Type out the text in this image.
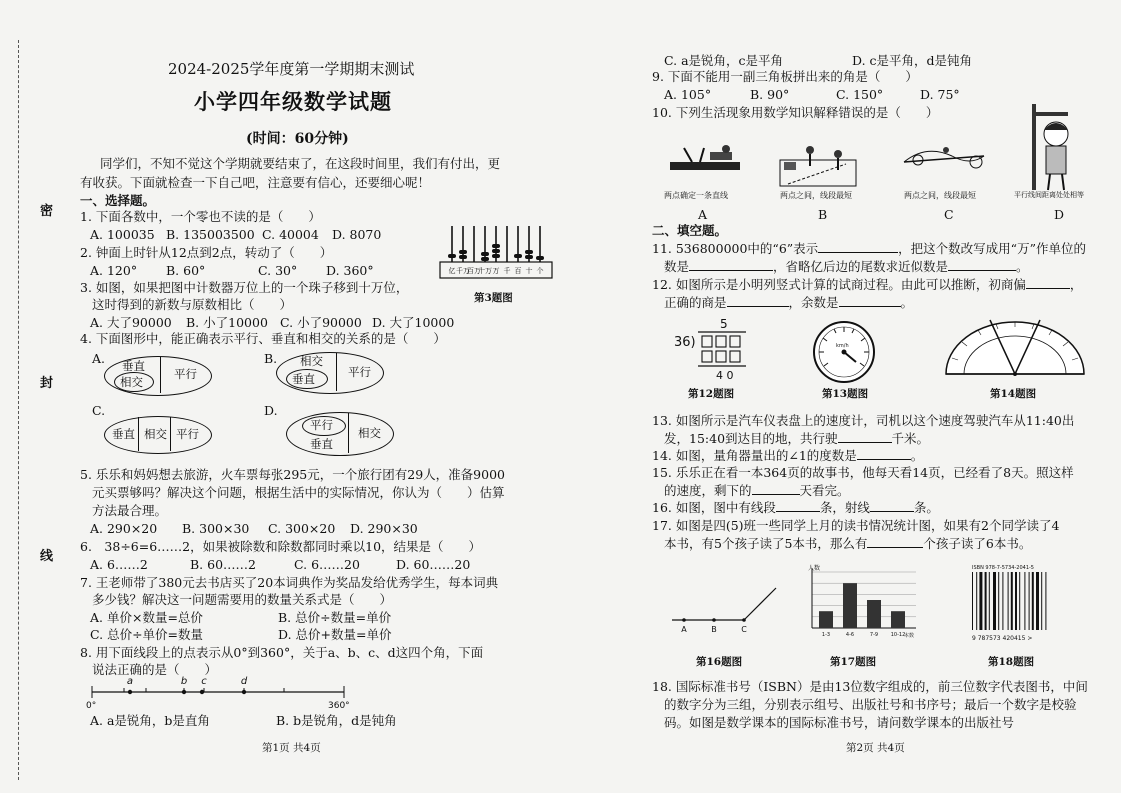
密
封
线
2024-2025学年度第一学期期末测试
小学四年级数学试题
(时间：60分钟)
同学们，不知不觉这个学期就要结束了，在这段时间里，我们有付出，更
有收获。下面就检查一下自己吧，注意要有信心，还要细心呢！
一、选择题。
1. 下面各数中，一个零也不读的是（　　）
A. 100035 B. 135003500 C. 40004 D. 8070
2. 钟面上时针从12点到2点，转动了（　　）
A. 120° B. 60°	C. 30° D. 360°
3. 如图，如果把图中计数器万位上的一个珠子移到十万位，
这时得到的新数与原数相比（　　）
A. 大了90000 B. 小了10000 C. 小了90000 D. 大了10000
亿 千万
百万
十万 万 千 百 十 个
第3题图
4. 下面图形中，能正确表示平行、垂直和相交的关系的是（　　）
A.	B.
C.	D.
垂直
相交
平行
相交
垂直	平行
垂直 相交 平行
平行
垂直
相交
5. 乐乐和妈妈想去旅游，火车票每张295元，一个旅行团有29人，准备9000
元买票够吗？解决这个问题，根据生活中的实际情况，你认为（　　）估算
方法最合理。
A. 290×20 B. 300×30 C. 300×20 D. 290×30
6.　38÷6=6……2，如果被除数和除数都同时乘以10，结果是（　　）
A. 6……2	B. 60……2	C. 6……20	D. 60……20
7. 王老师带了380元去书店买了20本词典作为奖品发给优秀学生，每本词典
多少钱？解决这一问题需要用的数量关系式是（　　）
A. 单价×数量=总价	B. 总价÷数量=单价
C. 总价÷单价=数量	D. 总价+数量=单价
8. 用下面线段上的点表示从0°到360°，关于a、b、c、d这四个角，下面
说法正确的是（　　）
a	b c	d
0°	360°
A. a是锐角，b是直角	B. b是锐角，d是钝角
第1页 共4页
C. a是锐角，c是平角	D. c是平角，d是钝角
9. 下面不能用一副三角板拼出来的角是（　　）
A. 105°	B. 90°	C. 150°	D. 75°
10. 下列生活现象用数学知识解释错误的是（　　）
两点确定一条直线	两点之间，线段最短	两点之间，线段最短	平行线间距离处处相等
A	B	C	D
二、填空题。
11. 536800000中的“6”表示	，把这个数改写成用“万”作单位的
数是	，省略亿后边的尾数求近似数是	。
12. 如图所示是小明列竖式计算的试商过程。由此可以推断，初商偏	，
正确的商是	，余数是	。
5
36)
4 0
第12题图
km/h
第13题图	第14题图
13. 如图所示是汽车仪表盘上的速度计，司机以这个速度驾驶汽车从11:40出
发，15:40到达目的地，共行驶	千米。
14. 如图，量角器量出的∠1的度数是	。
15. 乐乐正在看一本364页的故事书，他每天看14页，已经看了8天。照这样
的速度，剩下的	天看完。
16. 如图，图中有线段	条，射线	条。
17. 如图是四(5)班一些同学上月的读书情况统计图，如果有2个同学读了4
本书，有5个孩子读了5本书，那么有	个孩子读了6本书。
A	B	C
第16题图
人数
本数
1-3	4-6	7-9	10-12
第17题图
ISBN 978-7-5734-2041-5
9 787573 420415 >
第18题图
18. 国际标准书号（ISBN）是由13位数字组成的，前三位数字代表图书，中间
的数字分为三组，分别表示组号、出版社号和书序号；最后一个数字是校验
码。如图是数学课本的国际标准书号，请问数学课本的出版社号
第2页 共4页
